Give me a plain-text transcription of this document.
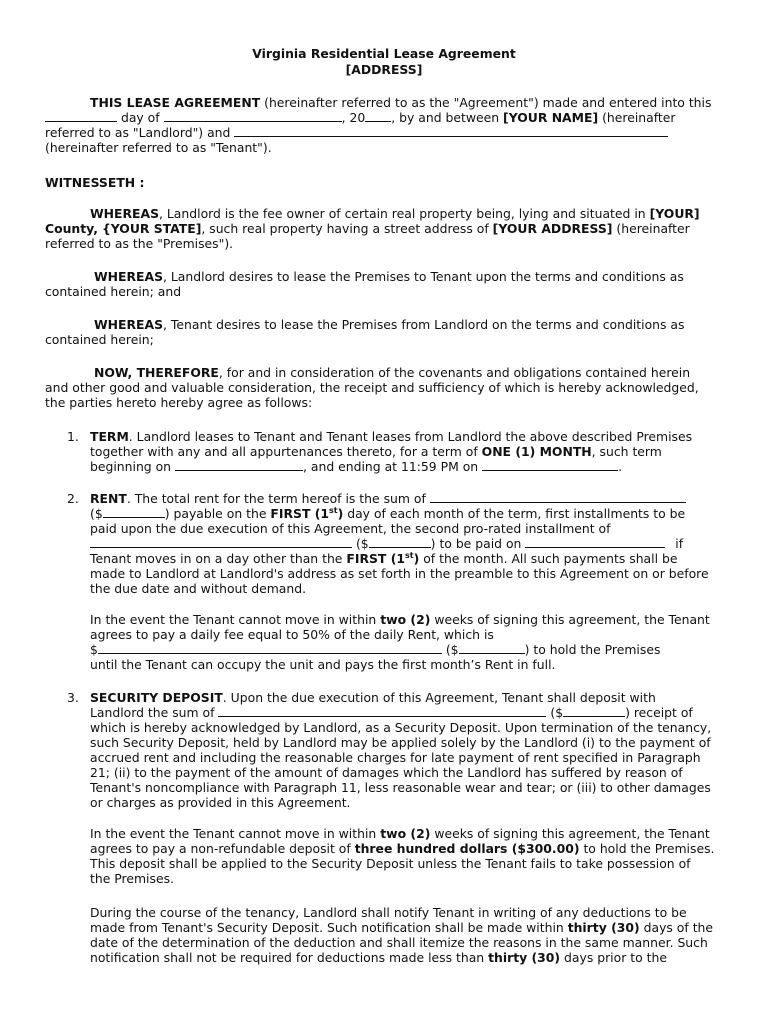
Virginia Residential Lease Agreement

[ADDRESS]

THIS LEASE AGREEMENT (hereinafter referred to as the "Agreement") made and entered into this

day of	, 20 , by and between [YOUR NAME] (hereinafter

referred to as "Landlord") and

(hereinafter referred to as "Tenant").

WITNESSETH :

WHEREAS, Landlord is the fee owner of certain real property being, lying and situated in [YOUR]

County, {YOUR STATE], such real property having a street address of [YOUR ADDRESS] (hereinafter

referred to as the "Premises").

WHEREAS, Landlord desires to lease the Premises to Tenant upon the terms and conditions as

contained herein; and

WHEREAS, Tenant desires to lease the Premises from Landlord on the terms and conditions as

contained herein;

NOW, THEREFORE, for and in consideration of the covenants and obligations contained herein

and other good and valuable consideration, the receipt and sufficiency of which is hereby acknowledged,

the parties hereto hereby agree as follows:

1. TERM. Landlord leases to Tenant and Tenant leases from Landlord the above described Premises

together with any and all appurtenances thereto, for a term of ONE (1) MONTH, such term

beginning on	, and ending at 11:59 PM on	.

2. RENT. The total rent for the term hereof is the sum of

($	) payable on the FIRST (1st) day of each month of the term, first installments to be

paid upon the due execution of this Agreement, the second pro-rated installment of

($	) to be paid on	if

Tenant moves in on a day other than the FIRST (1st) of the month. All such payments shall be

made to Landlord at Landlord's address as set forth in the preamble to this Agreement on or before

the due date and without demand.

In the event the Tenant cannot move in within two (2) weeks of signing this agreement, the Tenant

agrees to pay a daily fee equal to 50% of the daily Rent, which is

$	($	) to hold the Premises

until the Tenant can occupy the unit and pays the first month’s Rent in full.

3. SECURITY DEPOSIT. Upon the due execution of this Agreement, Tenant shall deposit with

Landlord the sum of	($	) receipt of

which is hereby acknowledged by Landlord, as a Security Deposit. Upon termination of the tenancy,

such Security Deposit, held by Landlord may be applied solely by the Landlord (i) to the payment of

accrued rent and including the reasonable charges for late payment of rent specified in Paragraph

21; (ii) to the payment of the amount of damages which the Landlord has suffered by reason of

Tenant's noncompliance with Paragraph 11, less reasonable wear and tear; or (iii) to other damages

or charges as provided in this Agreement.

In the event the Tenant cannot move in within two (2) weeks of signing this agreement, the Tenant

agrees to pay a non-refundable deposit of three hundred dollars ($300.00) to hold the Premises.

This deposit shall be applied to the Security Deposit unless the Tenant fails to take possession of

the Premises.

During the course of the tenancy, Landlord shall notify Tenant in writing of any deductions to be

made from Tenant's Security Deposit. Such notification shall be made within thirty (30) days of the

date of the determination of the deduction and shall itemize the reasons in the same manner. Such

notification shall not be required for deductions made less than thirty (30) days prior to the
